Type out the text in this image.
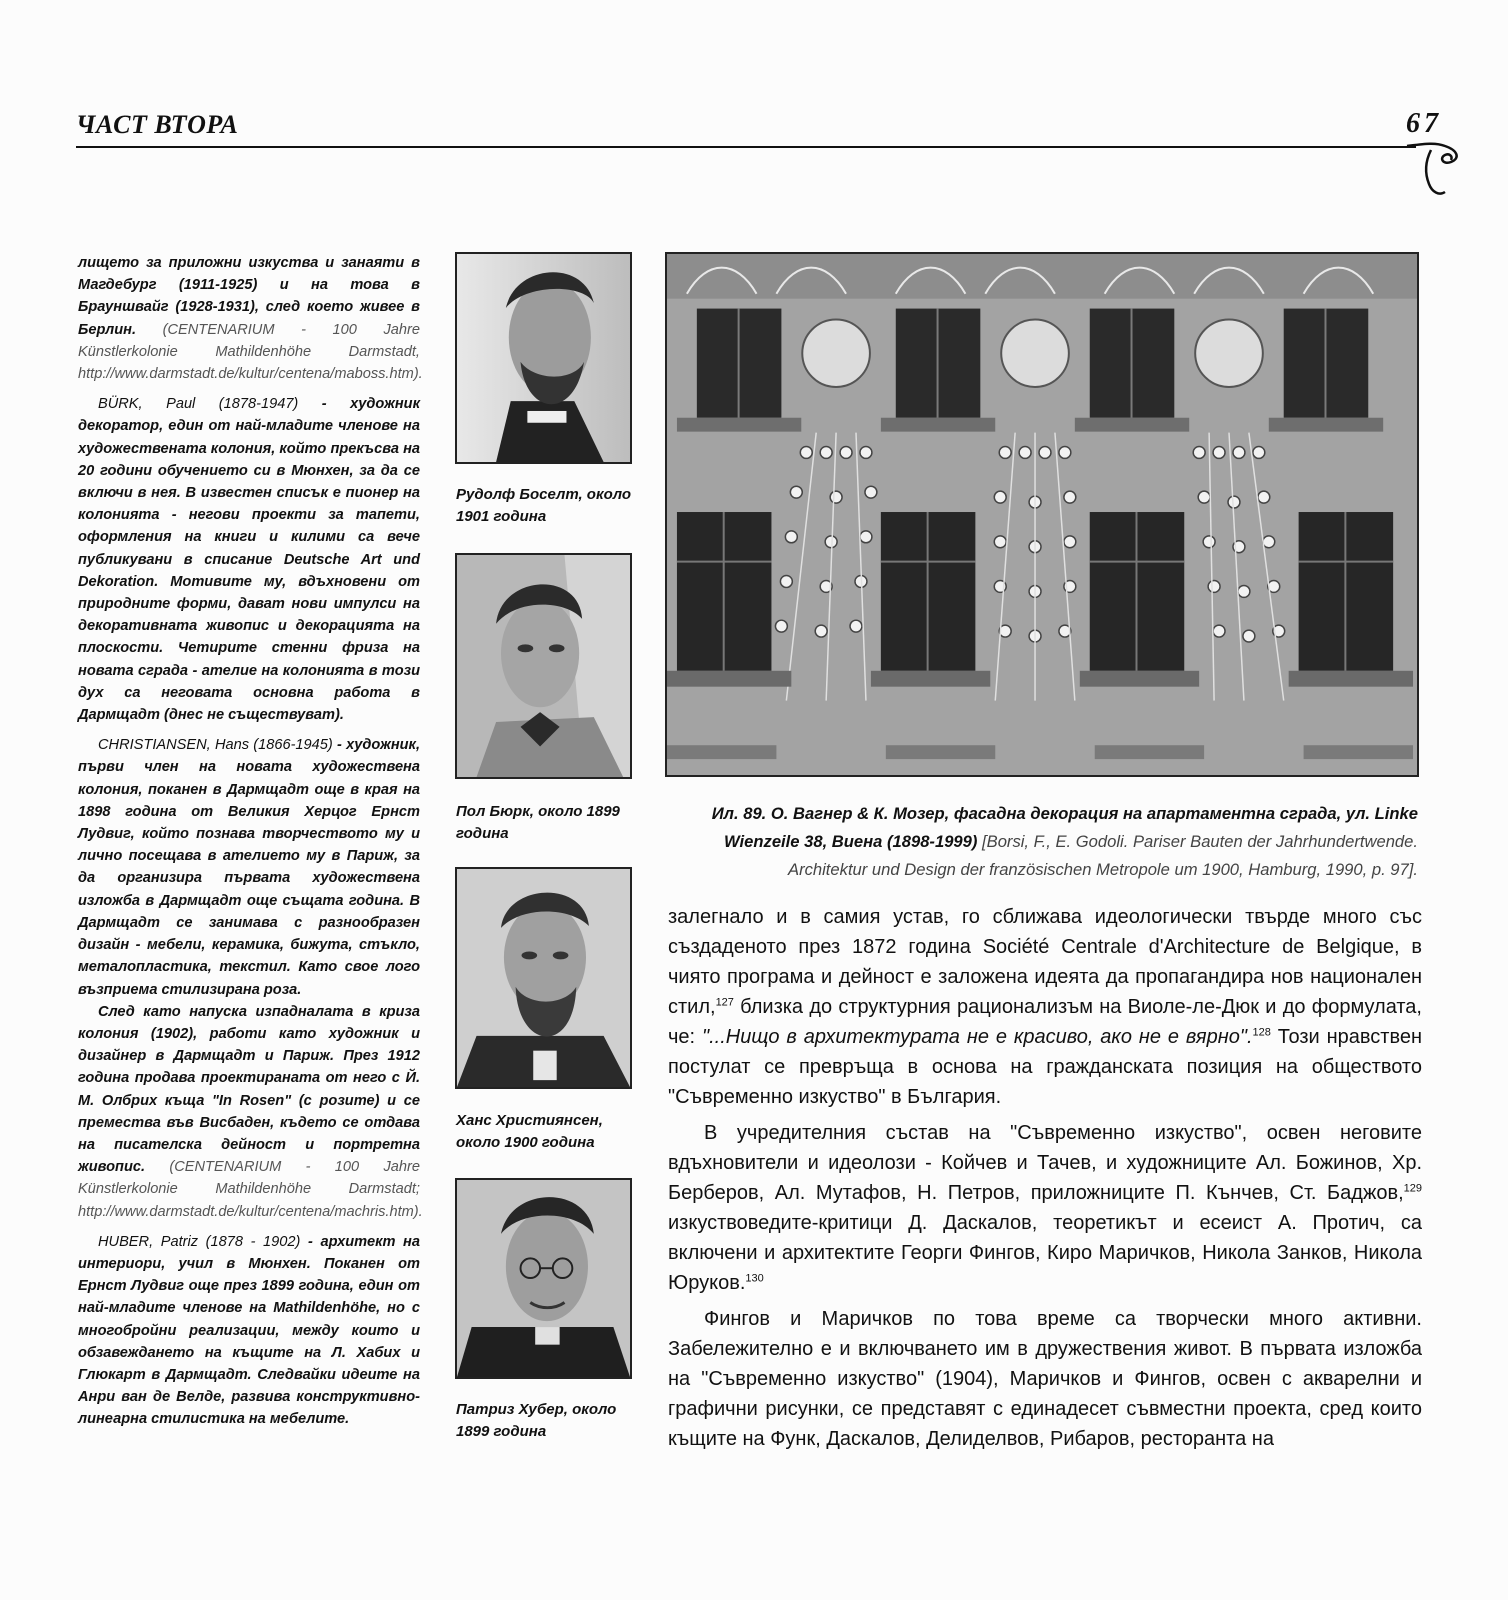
ЧАСТ ВТОРА	67

лището за приложни изкуства и занаяти в Магдебург (1911-1925) и на това в Брауншвайг (1928-1931), след което живее в Берлин. (CENTENARIUM - 100 Jahre Künstlerkolonie Mathildenhöhe Darmstadt, http://www.darmstadt.de/kultur/centena/maboss.htm).

BÜRK, Paul (1878-1947) - художник декоратор, един от най-младите членове на художествената колония, който прекъсва на 20 години обучението си в Мюнхен, за да се включи в нея. В известен списък е пионер на колонията - негови проекти за тапети, оформления на книги и килими са вече публикувани в списание Deutsche Art und Dekoration. Мотивите му, вдъхновени от природните форми, дават нови импулси на декоративната живопис и декорацията на плоскости. Четирите стенни фриза на новата сграда - ателие на колонията в този дух са неговата основна работа в Дармщадт (днес не съществуват).

CHRISTIANSEN, Hans (1866-1945) - художник, първи член на новата художествена колония, поканен в Дармщадт още в края на 1898 година от Великия Херцог Ернст Лудвиг, който познава творчеството му и лично посещава в ателието му в Париж, за да организира първата художествена изложба в Дармщадт още същата година. В Дармщадт се занимава с разнообразен дизайн - мебели, керамика, бижута, стъкло, металопластика, текстил. Като свое лого възприема стилизирана роза.

След като напуска изпадналата в криза колония (1902), работи като художник и дизайнер в Дармщадт и Париж. През 1912 година продава проектираната от него с Й. М. Олбрих къща "In Rosen" (с розите) и се премества във Висбаден, където се отдава на писателска дейност и портретна живопис. (CENTENARIUM - 100 Jahre Künstlerkolonie Mathildenhöhe Darmstadt; http://www.darmstadt.de/kultur/centena/machris.htm).

HUBER, Patriz (1878 - 1902) - архитект на интериори, учил в Мюнхен. Поканен от Ернст Лудвиг още през 1899 година, един от най-младите членове на Mathildenhöhe, но с многобройни реализации, между които и обзавеждането на къщите на Л. Хабих и Глюкарт в Дармщадт. Следвайки идеите на Анри ван де Велде, развива конструктивно-линеарна стилистика на мебелите.

Рудолф Боселт, около 1901 година
Пол Бюрк, около 1899 година
Ханс Християнсен, около 1900 година
Патриз Хубер, около 1899 година
Ил. 89. О. Вагнер & К. Мозер, фасадна декорация на апартаментна сграда, ул. Linke Wienzeile 38, Виена (1898-1999) [Borsi, F., E. Godoli. Pariser Bauten der Jahrhundertwende. Architektur und Design der französischen Metropole um 1900, Hamburg, 1990, p. 97].

залегнало и в самия устав, го сближава идеологически твърде много със създаденото през 1872 година Société Centrale d'Architecture de Belgique, в чиято програма и дейност е заложена идеята да пропагандира нов национален стил,$^{127}$ близка до структурния рационализъм на Виоле-ле-Дюк и до формулата, че: "...Нищо в архитектурата не е красиво, ако не е вярно".$^{128}$ Този нравствен постулат се превръща в основа на гражданската позиция на обществото "Съвременно изкуство" в България.

В учредителния състав на "Съвременно изкуство", освен неговите вдъхновители и идеолози - Койчев и Тачев, и художниците Ал. Божинов, Хр. Берберов, Ал. Мутафов, Н. Петров, приложниците П. Кънчев, Ст. Баджов,$^{129}$ изкуствоведите-критици Д. Даскалов, теоретикът и есеист А. Протич, са включени и архитектите Георги Фингов, Киро Маричков, Никола Занков, Никола Юруков.$^{130}$

Фингов и Маричков по това време са творчески много активни. Забележително е и включването им в дружествения живот. В първата изложба на "Съвременно изкуство" (1904), Маричков и Фингов, освен с акварелни и графични рисунки, се представят с единадесет съвместни проекта, сред които къщите на Функ, Даскалов, Делиделвов, Рибаров, ресторанта на
